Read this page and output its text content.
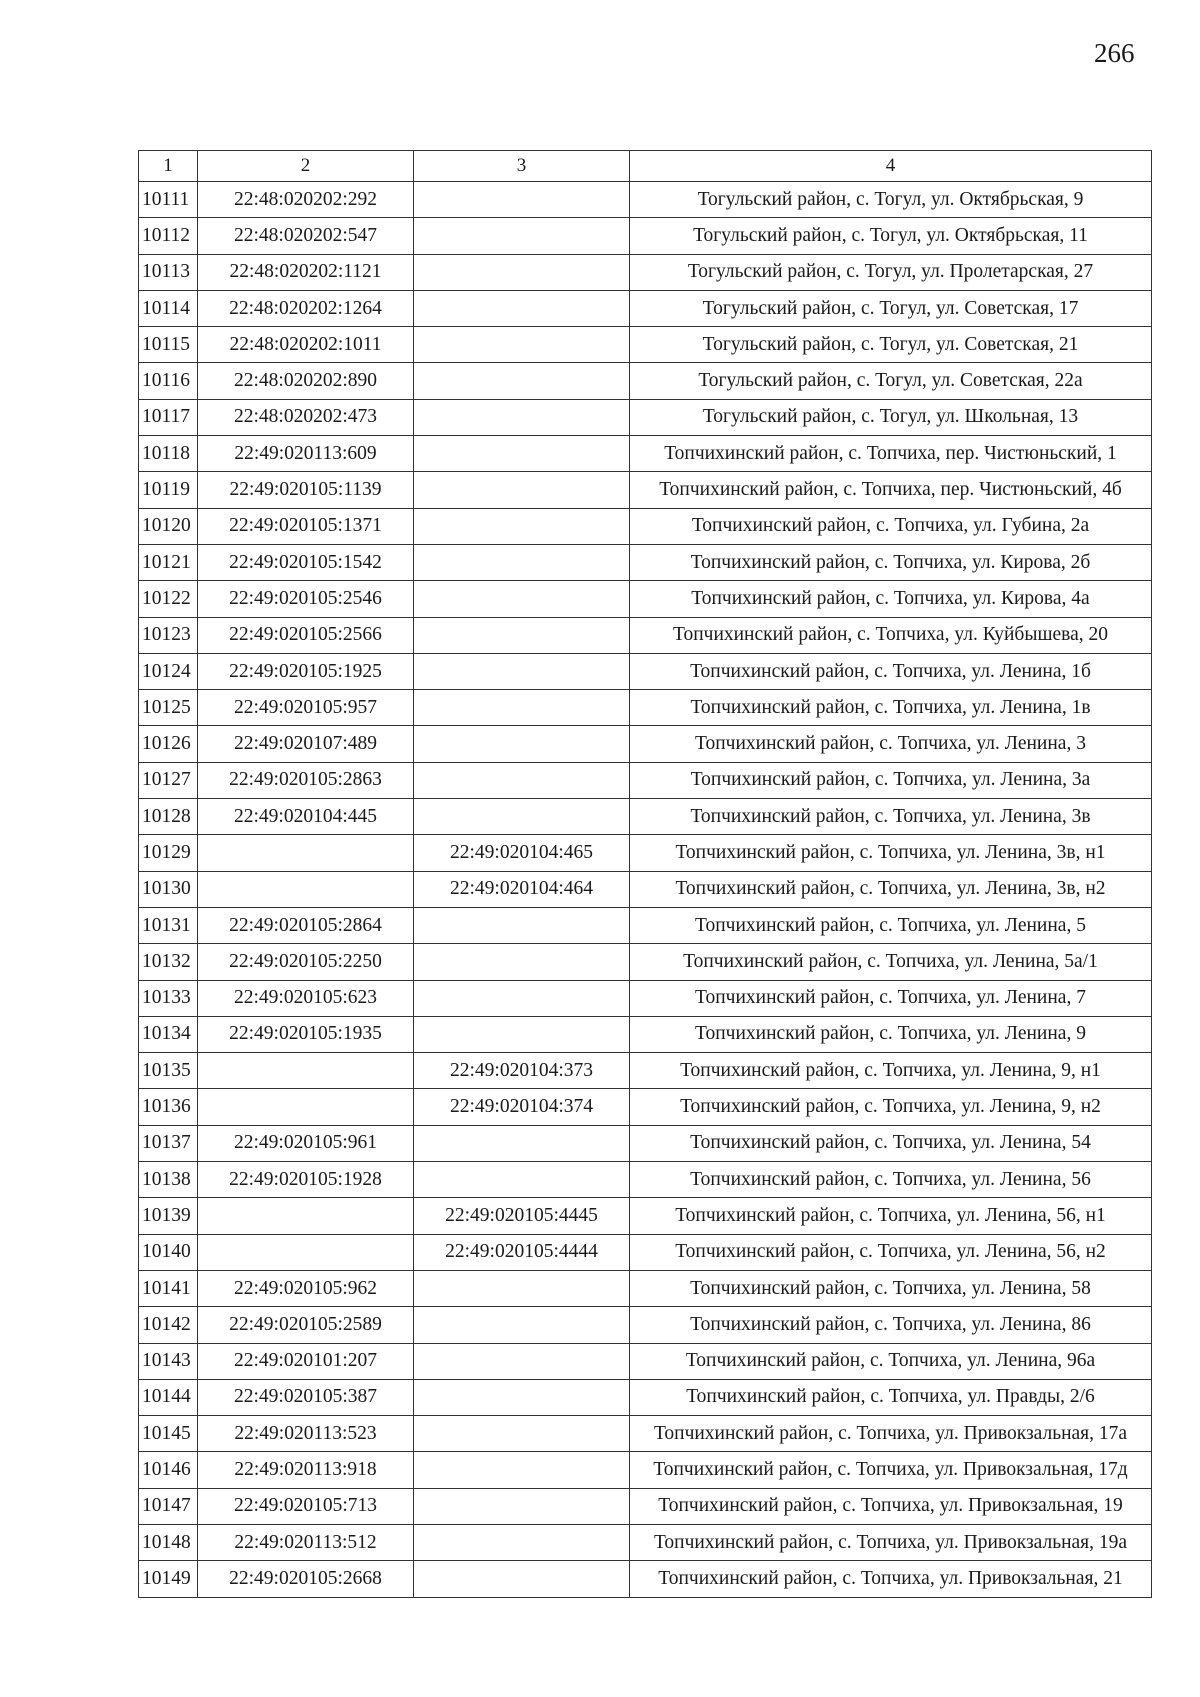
266
1	2	3	4
10111	22:48:020202:292		Тогульский район, с. Тогул, ул. Октябрьская, 9
10112	22:48:020202:547		Тогульский район, с. Тогул, ул. Октябрьская, 11
10113	22:48:020202:1121		Тогульский район, с. Тогул, ул. Пролетарская, 27
10114	22:48:020202:1264		Тогульский район, с. Тогул, ул. Советская, 17
10115	22:48:020202:1011		Тогульский район, с. Тогул, ул. Советская, 21
10116	22:48:020202:890		Тогульский район, с. Тогул, ул. Советская, 22а
10117	22:48:020202:473		Тогульский район, с. Тогул, ул. Школьная, 13
10118	22:49:020113:609		Топчихинский район, с. Топчиха, пер. Чистюньский, 1
10119	22:49:020105:1139		Топчихинский район, с. Топчиха, пер. Чистюньский, 4б
10120	22:49:020105:1371		Топчихинский район, с. Топчиха, ул. Губина, 2а
10121	22:49:020105:1542		Топчихинский район, с. Топчиха, ул. Кирова, 2б
10122	22:49:020105:2546		Топчихинский район, с. Топчиха, ул. Кирова, 4а
10123	22:49:020105:2566		Топчихинский район, с. Топчиха, ул. Куйбышева, 20
10124	22:49:020105:1925		Топчихинский район, с. Топчиха, ул. Ленина, 1б
10125	22:49:020105:957		Топчихинский район, с. Топчиха, ул. Ленина, 1в
10126	22:49:020107:489		Топчихинский район, с. Топчиха, ул. Ленина, 3
10127	22:49:020105:2863		Топчихинский район, с. Топчиха, ул. Ленина, 3а
10128	22:49:020104:445		Топчихинский район, с. Топчиха, ул. Ленина, 3в
10129		22:49:020104:465	Топчихинский район, с. Топчиха, ул. Ленина, 3в, н1
10130		22:49:020104:464	Топчихинский район, с. Топчиха, ул. Ленина, 3в, н2
10131	22:49:020105:2864		Топчихинский район, с. Топчиха, ул. Ленина, 5
10132	22:49:020105:2250		Топчихинский район, с. Топчиха, ул. Ленина, 5а/1
10133	22:49:020105:623		Топчихинский район, с. Топчиха, ул. Ленина, 7
10134	22:49:020105:1935		Топчихинский район, с. Топчиха, ул. Ленина, 9
10135		22:49:020104:373	Топчихинский район, с. Топчиха, ул. Ленина, 9, н1
10136		22:49:020104:374	Топчихинский район, с. Топчиха, ул. Ленина, 9, н2
10137	22:49:020105:961		Топчихинский район, с. Топчиха, ул. Ленина, 54
10138	22:49:020105:1928		Топчихинский район, с. Топчиха, ул. Ленина, 56
10139		22:49:020105:4445	Топчихинский район, с. Топчиха, ул. Ленина, 56, н1
10140		22:49:020105:4444	Топчихинский район, с. Топчиха, ул. Ленина, 56, н2
10141	22:49:020105:962		Топчихинский район, с. Топчиха, ул. Ленина, 58
10142	22:49:020105:2589		Топчихинский район, с. Топчиха, ул. Ленина, 86
10143	22:49:020101:207		Топчихинский район, с. Топчиха, ул. Ленина, 96а
10144	22:49:020105:387		Топчихинский район, с. Топчиха, ул. Правды, 2/6
10145	22:49:020113:523		Топчихинский район, с. Топчиха, ул. Привокзальная, 17а
10146	22:49:020113:918		Топчихинский район, с. Топчиха, ул. Привокзальная, 17д
10147	22:49:020105:713		Топчихинский район, с. Топчиха, ул. Привокзальная, 19
10148	22:49:020113:512		Топчихинский район, с. Топчиха, ул. Привокзальная, 19а
10149	22:49:020105:2668		Топчихинский район, с. Топчиха, ул. Привокзальная, 21
